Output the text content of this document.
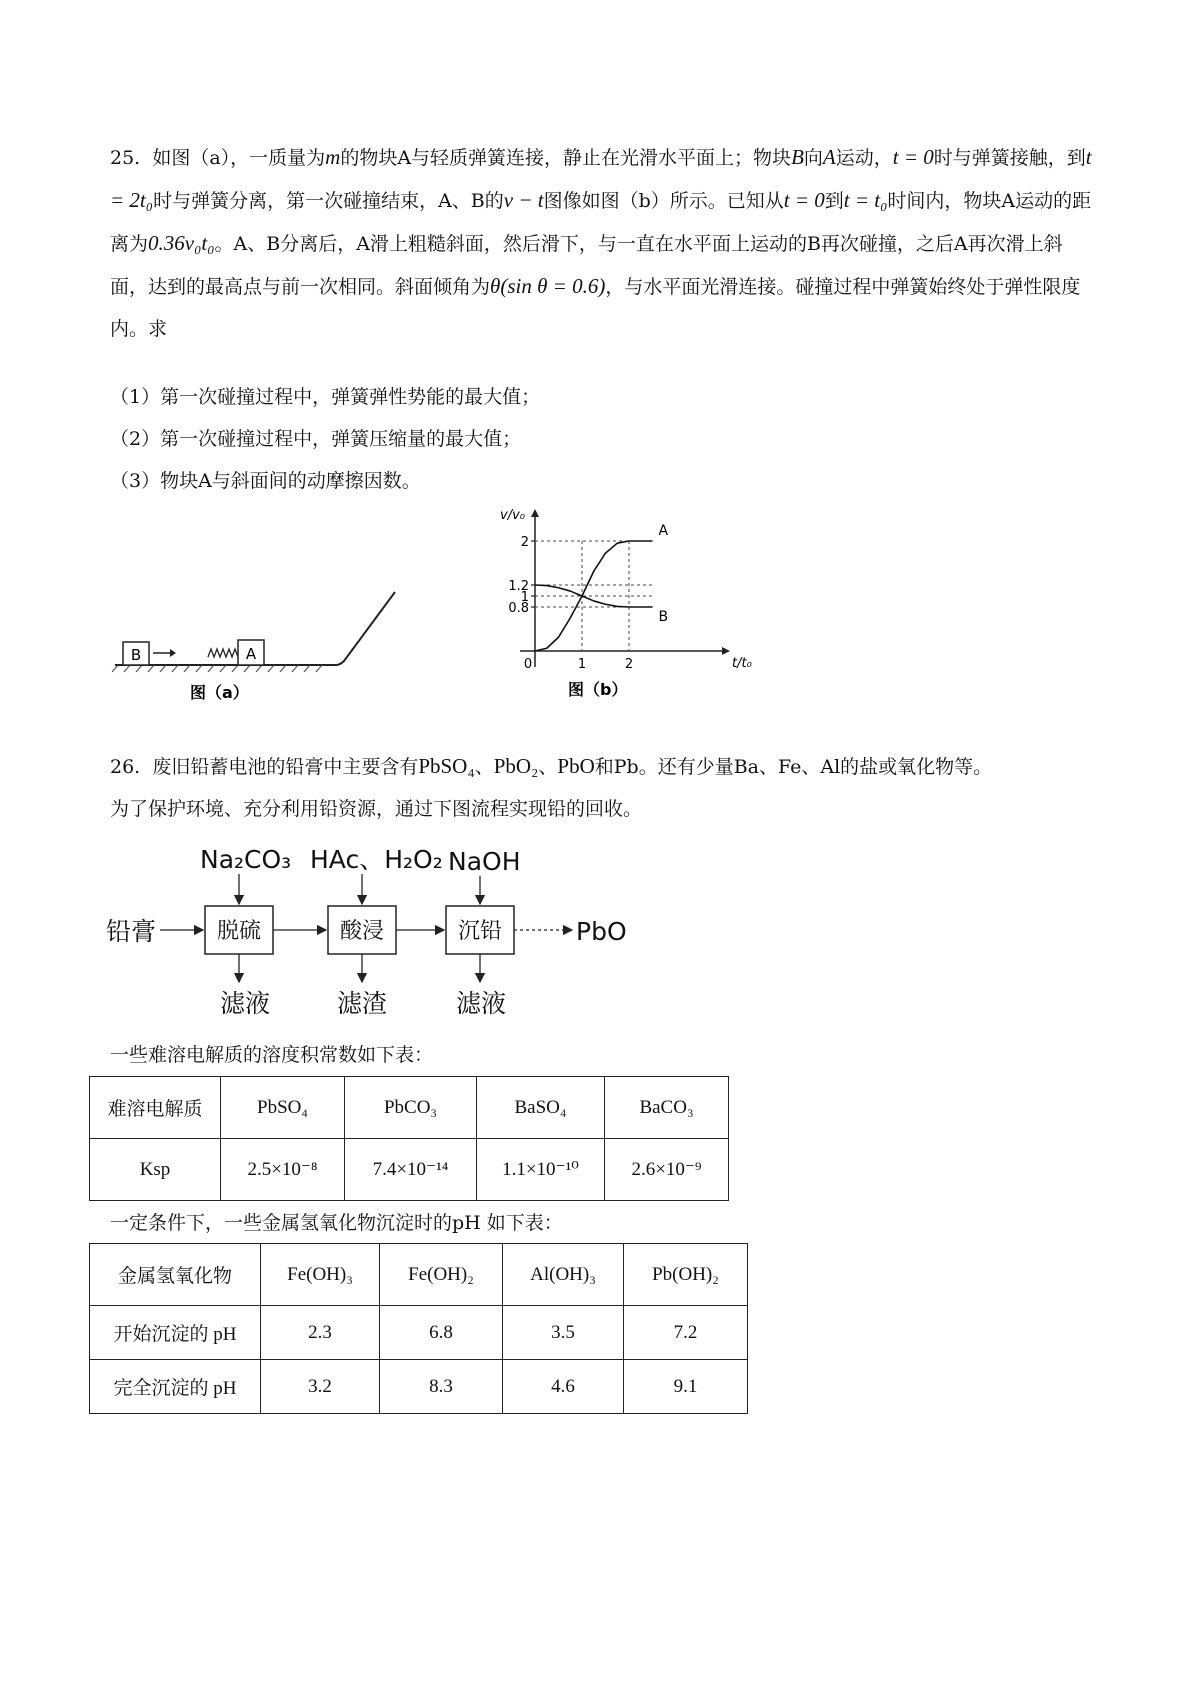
25. 如图（a），一质量为m的物块A与轻质弹簧连接，静止在光滑水平面上；物块B向A运动，t = 0时与弹簧接触，到t = 2t₀时与弹簧分离，第一次碰撞结束，A、B的v − t图像如图（b）所示。已知从t = 0到t = t₀时间内，物块A运动的距离为0.36v₀t₀。A、B分离后，A滑上粗糙斜面，然后滑下，与一直在水平面上运动的B再次碰撞，之后A再次滑上斜面，达到的最高点与前一次相同。斜面倾角为θ(sin θ = 0.6)，与水平面光滑连接。碰撞过程中弹簧始终处于弹性限度内。求

（1）第一次碰撞过程中，弹簧弹性势能的最大值；
（2）第一次碰撞过程中，弹簧压缩量的最大值；
（3）物块A与斜面间的动摩擦因数。
B	A
图（a）
v/v₀
t/t₀
2
1.2
1
0.8
0	1	2
A
B
图（b）
26. 废旧铅蓄电池的铅膏中主要含有PbSO₄、PbO₂、PbO和Pb。还有少量Ba、Fe、Al的盐或氧化物等。
为了保护环境、充分利用铅资源，通过下图流程实现铅的回收。
Na₂CO₃ HAc、H₂O₂ NaOH
铅膏	PbO
滤液	滤渣	滤液
脱硫	酸浸	沉铅
一些难溶电解质的溶度积常数如下表：
难溶电解质	PbSO₄	PbCO₃	BaSO₄	BaCO₃
Ksp	2.5×10⁻⁸	7.4×10⁻¹⁴	1.1×10⁻¹⁰	2.6×10⁻⁹
一定条件下，一些金属氢氧化物沉淀时的pH 如下表：
金属氢氧化物	Fe(OH)₃	Fe(OH)₂	Al(OH)₃	Pb(OH)₂
开始沉淀的 pH	2.3	6.8	3.5	7.2
完全沉淀的 pH	3.2	8.3	4.6	9.1
